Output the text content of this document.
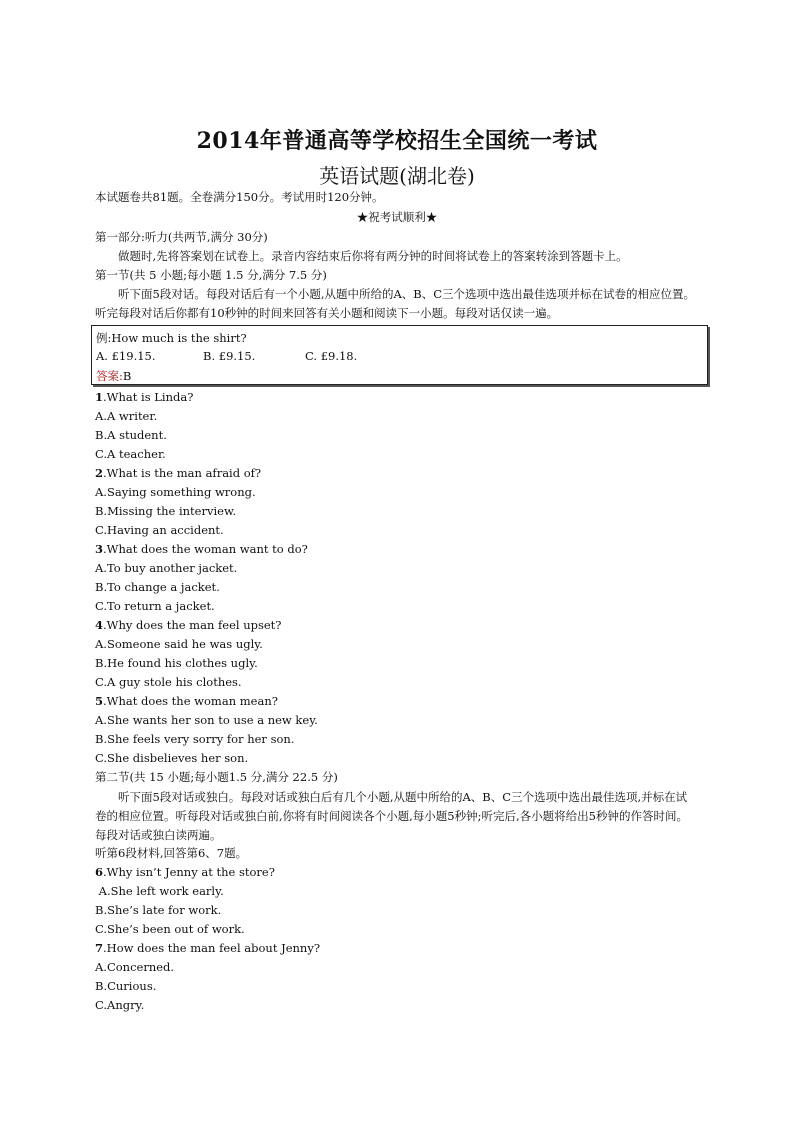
2014年普通高等学校招生全国统一考试
英语试题(湖北卷)
本试题卷共81题。全卷满分150分。考试用时120分钟。
★祝考试顺利★
第一部分:听力(共两节,满分 30分)
做题时,先将答案划在试卷上。录音内容结束后你将有两分钟的时间将试卷上的答案转涂到答题卡上。
第一节(共 5 小题;每小题 1.5 分,满分 7.5 分)
听下面5段对话。每段对话后有一个小题,从题中所给的A、B、C三个选项中选出最佳选项并标在试卷的相应位置。听完每段对话后你都有10秒钟的时间来回答有关小题和阅读下一小题。每段对话仅读一遍。
例:How much is the shirt?
A. £19.15.	B. £9.15.	C. £9.18.
答案:B
1.What is Linda?
A.A writer.
B.A student.
C.A teacher.
2.What is the man afraid of?
A.Saying something wrong.
B.Missing the interview.
C.Having an accident.
3.What does the woman want to do?
A.To buy another jacket.
B.To change a jacket.
C.To return a jacket.
4.Why does the man feel upset?
A.Someone said he was ugly.
B.He found his clothes ugly.
C.A guy stole his clothes.
5.What does the woman mean?
A.She wants her son to use a new key.
B.She feels very sorry for her son.
C.She disbelieves her son.
第二节(共 15 小题;每小题1.5 分,满分 22.5 分)
听下面5段对话或独白。每段对话或独白后有几个小题,从题中所给的A、B、C三个选项中选出最佳选项,并标在试卷的相应位置。听每段对话或独白前,你将有时间阅读各个小题,每小题5秒钟;听完后,各小题将给出5秒钟的作答时间。每段对话或独白读两遍。
听第6段材料,回答第6、7题。
6.Why isn’t Jenny at the store?
A.She left work early.
B.She’s late for work.
C.She’s been out of work.
7.How does the man feel about Jenny?
A.Concerned.
B.Curious.
C.Angry.
